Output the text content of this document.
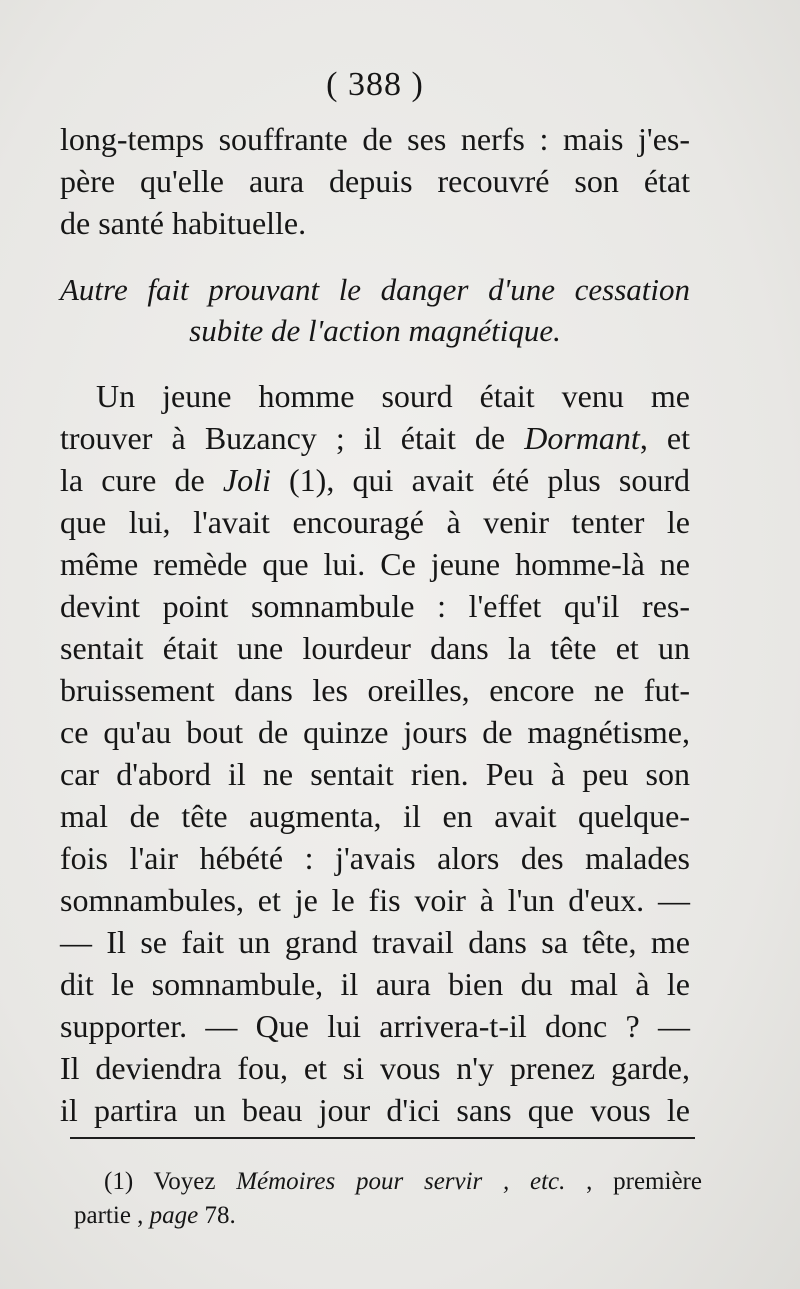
( 388 )

long-temps souffrante de ses nerfs : mais j'es-

père qu'elle aura depuis recouvré son état

de santé habituelle.

Autre fait prouvant le danger d'une cessation

subite de l'action magnétique.

Un jeune homme sourd était venu me

trouver à Buzancy ; il était de Dormant, et

la cure de Joli (1), qui avait été plus sourd

que lui, l'avait encouragé à venir tenter le

même remède que lui. Ce jeune homme-là ne

devint point somnambule : l'effet qu'il res-

sentait était une lourdeur dans la tête et un

bruissement dans les oreilles, encore ne fut-

ce qu'au bout de quinze jours de magnétisme,

car d'abord il ne sentait rien. Peu à peu son

mal de tête augmenta, il en avait quelque-

fois l'air hébété : j'avais alors des malades

somnambules, et je le fis voir à l'un d'eux. —

— Il se fait un grand travail dans sa tête, me

dit le somnambule, il aura bien du mal à le

supporter. — Que lui arrivera-t-il donc ? —

Il deviendra fou, et si vous n'y prenez garde,

il partira un beau jour d'ici sans que vous le

(1) Voyez Mémoires pour servir , etc. , première

partie , page 78.
